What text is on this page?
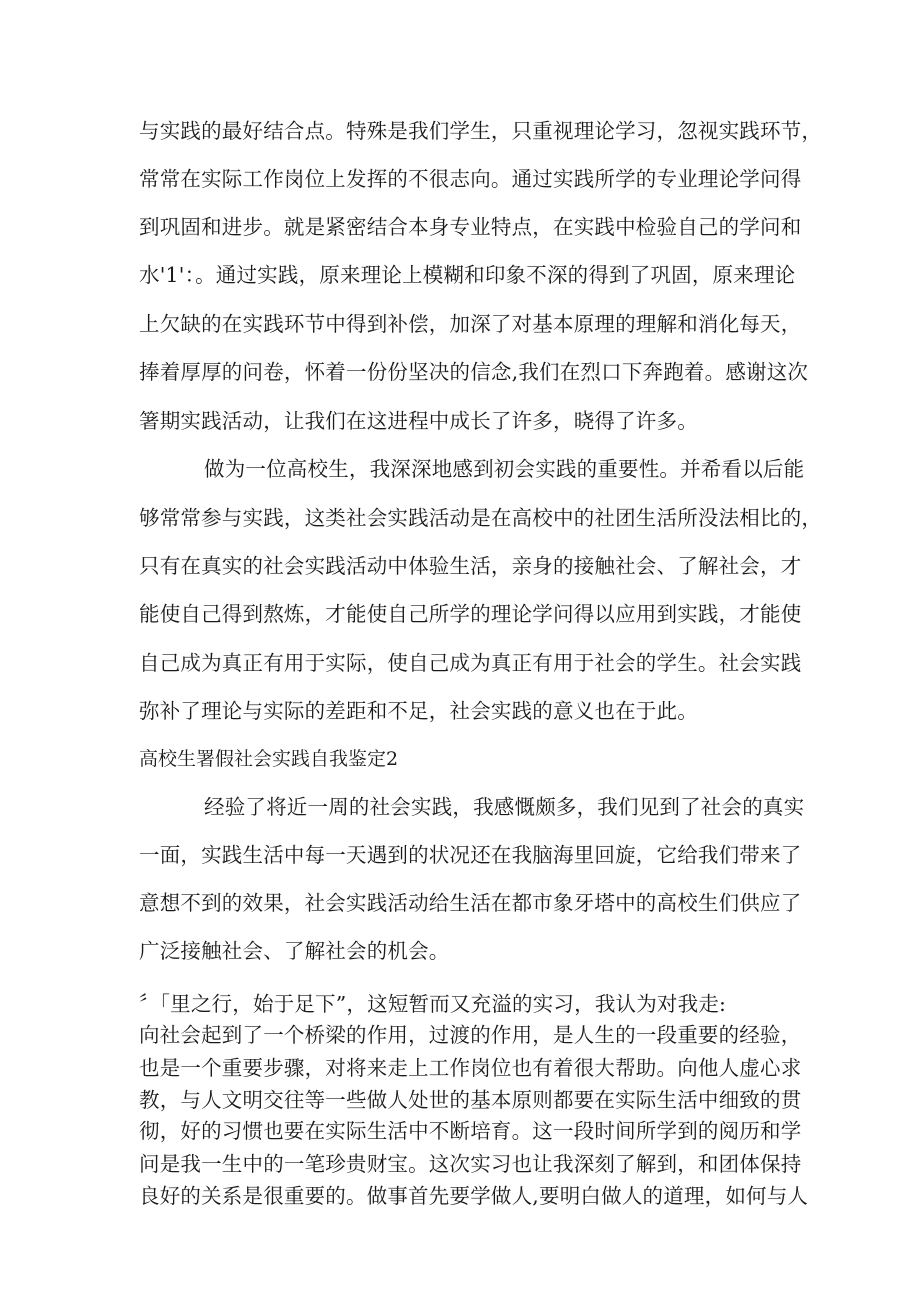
与实践的最好结合点。特殊是我们学生，只重视理论学习，忽视实践环节，
常常在实际工作岗位上发挥的不很志向。通过实践所学的专业理论学问得
到巩固和进步。就是紧密结合本身专业特点，在实践中检验自己的学问和
水'1'：。通过实践，原来理论上模糊和印象不深的得到了巩固，原来理论
上欠缺的在实践环节中得到补偿，加深了对基本原理的理解和消化每天，
捧着厚厚的问卷，怀着一份份坚决的信念,我们在烈口下奔跑着。感谢这次
箸期实践活动，让我们在这进程中成长了许多，晓得了许多。
做为一位高校生，我深深地感到初会实践的重要性。并希看以后能
够常常参与实践，这类社会实践活动是在高校中的社团生活所没法相比的，
只有在真实的社会实践活动中体验生活，亲身的接触社会、了解社会，才
能使自己得到熬炼，才能使自己所学的理论学问得以应用到实践，才能使
自己成为真正有用于实际，使自己成为真正有用于社会的学生。社会实践
弥补了理论与实际的差距和不足，社会实践的意义也在于此。
高校生署假社会实践自我鉴定2
经验了将近一周的社会实践，我感慨颇多，我们见到了社会的真实
一面，实践生活中每一天遇到的状况还在我脑海里回旋，它给我们带来了
意想不到的效果，社会实践活动给生活在都市象牙塔中的高校生们供应了
广泛接触社会、了解社会的机会。
〞「里之行，始于足下”，这短暂而又充溢的实习，我认为对我走:
向社会起到了一个桥梁的作用，过渡的作用，是人生的一段重要的经验，
也是一个重要步骤，对将来走上工作岗位也有着很大帮助。向他人虚心求
教，与人文明交往等一些做人处世的基本原则都要在实际生活中细致的贯
彻，好的习惯也要在实际生活中不断培育。这一段时间所学到的阅历和学
问是我一生中的一笔珍贵财宝。这次实习也让我深刻了解到，和团体保持
良好的关系是很重要的。做事首先要学做人,要明白做人的道理，如何与人
